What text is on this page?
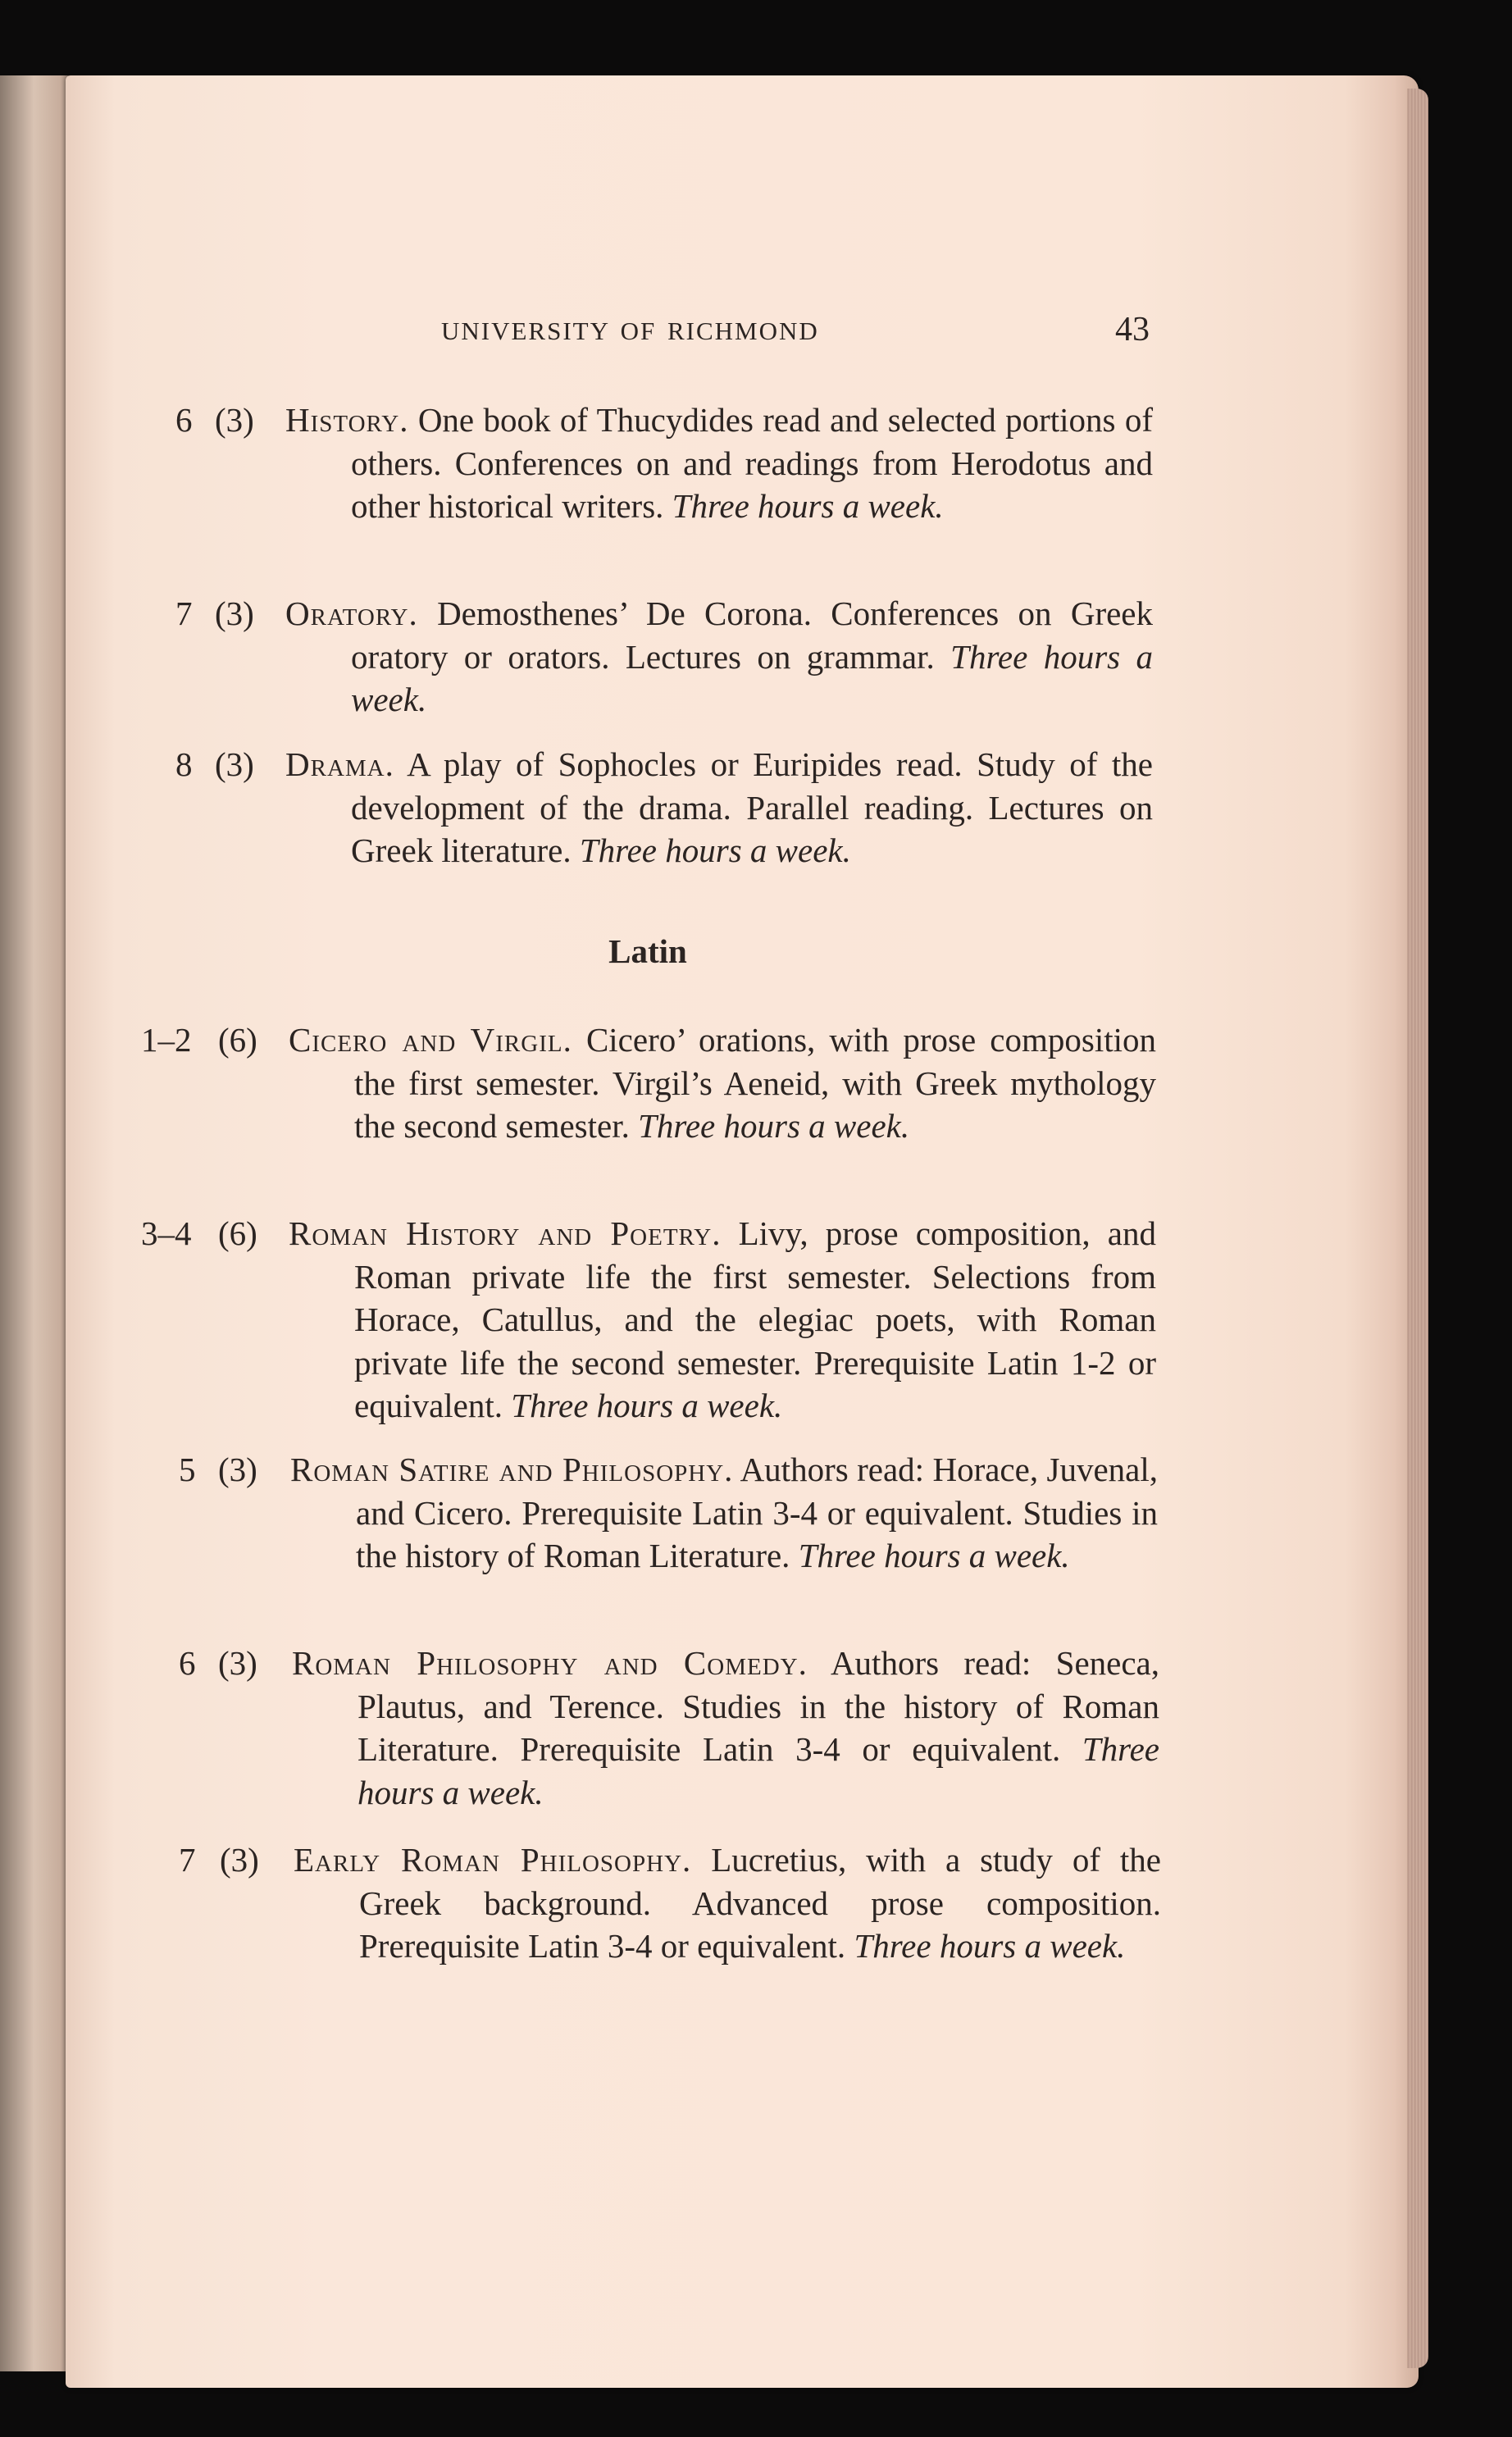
UNIVERSITY OF RICHMOND	43
6 (3) History. One book of Thucydides read and selected portions of others. Conferences on and readings from Herodotus and other historical writers. Three hours a week.
7 (3) Oratory. Demosthenes’ De Corona. Conferences on Greek oratory or orators. Lectures on grammar. Three hours a week.
8 (3) Drama. A play of Sophocles or Euripides read. Study of the development of the drama. Parallel reading. Lectures on Greek literature. Three hours a week.
Latin
1–2 (6) Cicero and Virgil. Cicero’ orations, with prose composition the first semester. Virgil’s Aeneid, with Greek mythology the second semester. Three hours a week.
3–4 (6) Roman History and Poetry. Livy, prose composition, and Roman private life the first semester. Selections from Horace, Catullus, and the elegiac poets, with Roman private life the second semester. Prerequisite Latin 1-2 or equivalent. Three hours a week.
5 (3) Roman Satire and Philosophy. Authors read: Horace, Juvenal, and Cicero. Prerequisite Latin 3-4 or equivalent. Studies in the history of Roman Literature. Three hours a week.
6 (3) Roman Philosophy and Comedy. Authors read: Seneca, Plautus, and Terence. Studies in the history of Roman Literature. Prerequisite Latin 3-4 or equivalent. Three hours a week.
7 (3) Early Roman Philosophy. Lucretius, with a study of the Greek background. Advanced prose composition. Prerequisite Latin 3-4 or equivalent. Three hours a week.
